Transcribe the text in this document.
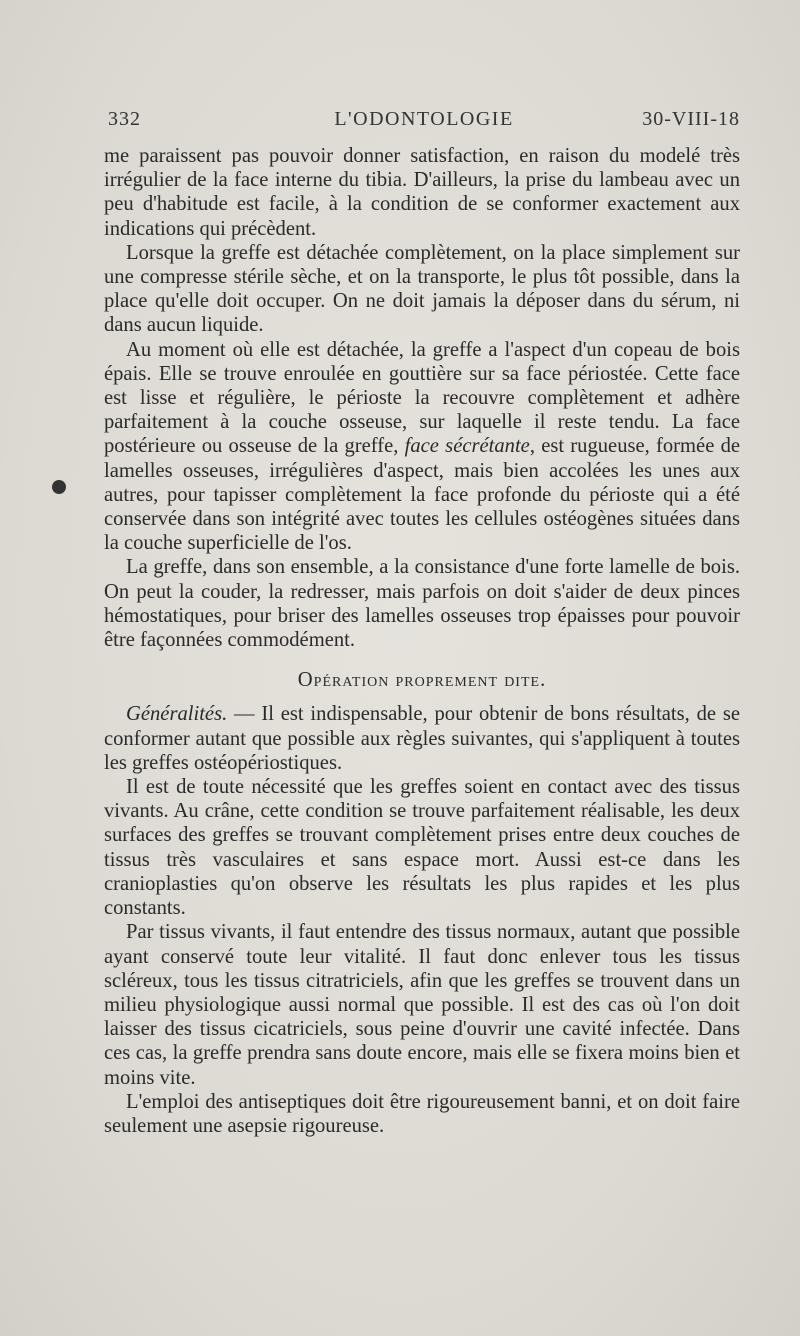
332	L'ODONTOLOGIE	30-VIII-18

me paraissent pas pouvoir donner satisfaction, en raison du modelé très irrégulier de la face interne du tibia. D'ailleurs, la prise du lambeau avec un peu d'habitude est facile, à la condition de se conformer exactement aux indications qui précèdent.

Lorsque la greffe est détachée complètement, on la place simplement sur une compresse stérile sèche, et on la transporte, le plus tôt possible, dans la place qu'elle doit occuper. On ne doit jamais la déposer dans du sérum, ni dans aucun liquide.

Au moment où elle est détachée, la greffe a l'aspect d'un copeau de bois épais. Elle se trouve enroulée en gouttière sur sa face périostée. Cette face est lisse et régulière, le périoste la recouvre complètement et adhère parfaitement à la couche osseuse, sur laquelle il reste tendu. La face postérieure ou osseuse de la greffe, face sécrétante, est rugueuse, formée de lamelles osseuses, irrégulières d'aspect, mais bien accolées les unes aux autres, pour tapisser complètement la face profonde du périoste qui a été conservée dans son intégrité avec toutes les cellules ostéogènes situées dans la couche superficielle de l'os.

La greffe, dans son ensemble, a la consistance d'une forte lamelle de bois. On peut la couder, la redresser, mais parfois on doit s'aider de deux pinces hémostatiques, pour briser des lamelles osseuses trop épaisses pour pouvoir être façonnées commodément.

Opération proprement dite.

Généralités. — Il est indispensable, pour obtenir de bons résultats, de se conformer autant que possible aux règles suivantes, qui s'appliquent à toutes les greffes ostéopériostiques.

Il est de toute nécessité que les greffes soient en contact avec des tissus vivants. Au crâne, cette condition se trouve parfaitement réalisable, les deux surfaces des greffes se trouvant complètement prises entre deux couches de tissus très vasculaires et sans espace mort. Aussi est-ce dans les cranioplasties qu'on observe les résultats les plus rapides et les plus constants.

Par tissus vivants, il faut entendre des tissus normaux, autant que possible ayant conservé toute leur vitalité. Il faut donc enlever tous les tissus scléreux, tous les tissus citratriciels, afin que les greffes se trouvent dans un milieu physiologique aussi normal que possible. Il est des cas où l'on doit laisser des tissus cicatriciels, sous peine d'ouvrir une cavité infectée. Dans ces cas, la greffe prendra sans doute encore, mais elle se fixera moins bien et moins vite.

L'emploi des antiseptiques doit être rigoureusement banni, et on doit faire seulement une asepsie rigoureuse.
